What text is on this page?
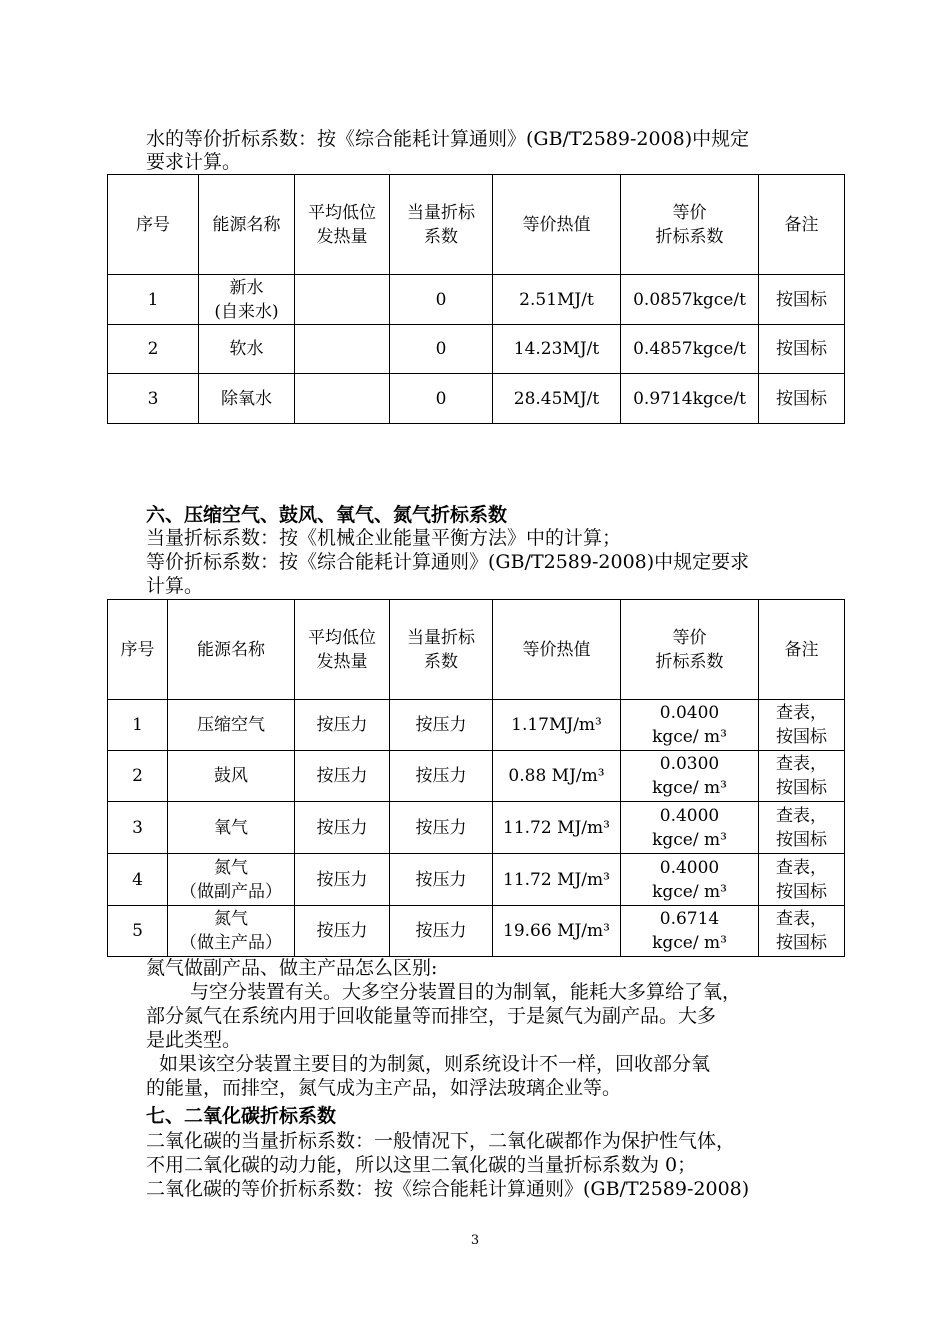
水的等价折标系数：按《综合能耗计算通则》(GB/T2589-2008)中规定
要求计算。
序号	能源名称	平均低位
发热量	当量折标
系数	等价热值	等价
折标系数	备注
1	新水
(自来水)		0	2.51MJ/t	0.0857kgce/t	按国标
2	软水		0	14.23MJ/t	0.4857kgce/t	按国标
3	除氧水		0	28.45MJ/t	0.9714kgce/t	按国标
六、压缩空气、鼓风、氧气、氮气折标系数
当量折标系数：按《机械企业能量平衡方法》中的计算；
等价折标系数：按《综合能耗计算通则》(GB/T2589-2008)中规定要求
计算。
序号	能源名称	平均低位
发热量	当量折标
系数	等价热值	等价
折标系数	备注
1	压缩空气	按压力	按压力	1.17MJ/m³	0.0400
kgce/ m³	查表，
按国标
2	鼓风	按压力	按压力	0.88 MJ/m³	0.0300
kgce/ m³	查表，
按国标
3	氧气	按压力	按压力	11.72 MJ/m³	0.4000
kgce/ m³	查表，
按国标
4	氮气
（做副产品）	按压力	按压力	11.72 MJ/m³	0.4000
kgce/ m³	查表，
按国标
5	氮气
（做主产品）	按压力	按压力	19.66 MJ/m³	0.6714
kgce/ m³	查表，
按国标
氮气做副产品、做主产品怎么区别:
与空分装置有关。大多空分装置目的为制氧，能耗大多算给了氧，
部分氮气在系统内用于回收能量等而排空，于是氮气为副产品。大多
是此类型。
如果该空分装置主要目的为制氮，则系统设计不一样，回收部分氧
的能量，而排空，氮气成为主产品，如浮法玻璃企业等。
七、二氧化碳折标系数
二氧化碳的当量折标系数：一般情况下，二氧化碳都作为保护性气体，
不用二氧化碳的动力能，所以这里二氧化碳的当量折标系数为 0；
二氧化碳的等价折标系数：按《综合能耗计算通则》(GB/T2589-2008)
3
